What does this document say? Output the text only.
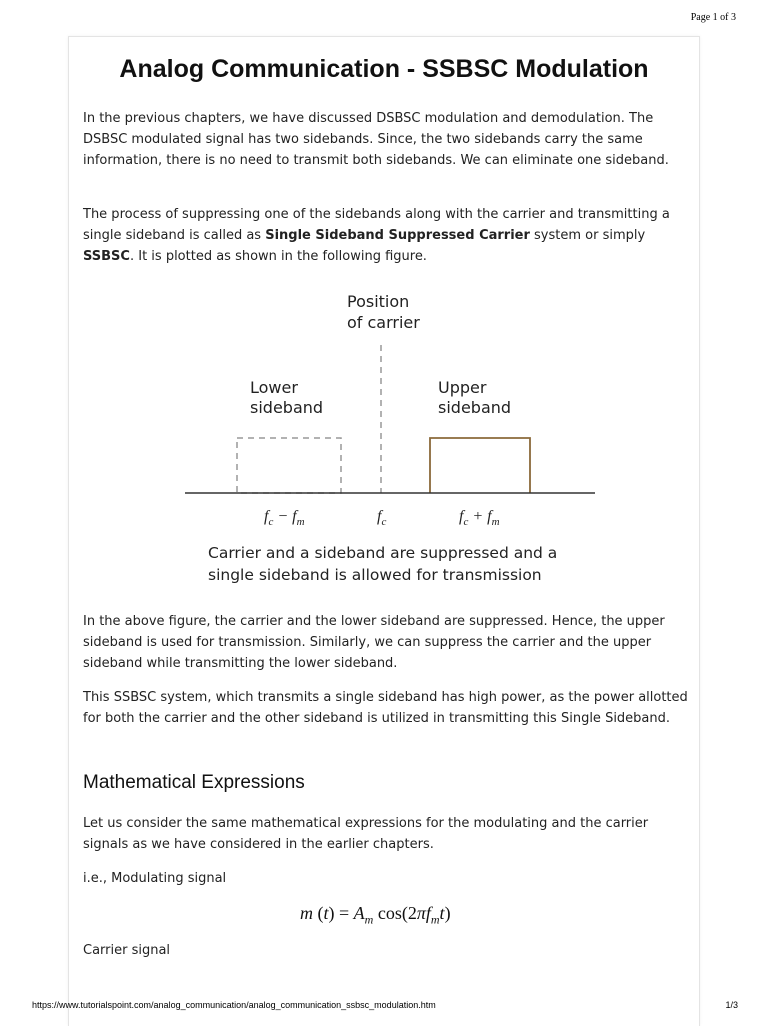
Page 1 of 3
Analog Communication - SSBSC Modulation

In the previous chapters, we have discussed DSBSC modulation and demodulation. The DSBSC modulated signal has two sidebands. Since, the two sidebands carry the same information, there is no need to transmit both sidebands. We can eliminate one sideband.

The process of suppressing one of the sidebands along with the carrier and transmitting a single sideband is called as Single Sideband Suppressed Carrier system or simply SSBSC. It is plotted as shown in the following figure.

Position
of carrier
Lower
sideband
Upper
sideband
$f_c - f_m$	$f_c$	$f_c + f_m$
Carrier and a sideband are suppressed and a
single sideband is allowed for transmission

In the above figure, the carrier and the lower sideband are suppressed. Hence, the upper sideband is used for transmission. Similarly, we can suppress the carrier and the upper sideband while transmitting the lower sideband.

This SSBSC system, which transmits a single sideband has high power, as the power allotted for both the carrier and the other sideband is utilized in transmitting this Single Sideband.

Mathematical Expressions

Let us consider the same mathematical expressions for the modulating and the carrier signals as we have considered in the earlier chapters.

i.e., Modulating signal

m $(t) = A_m$ $\cos(2\pi f_mt)$

Carrier signal

https://www.tutorialspoint.com/analog_communication/analog_communication_ssbsc_modulation.htm	1/3
